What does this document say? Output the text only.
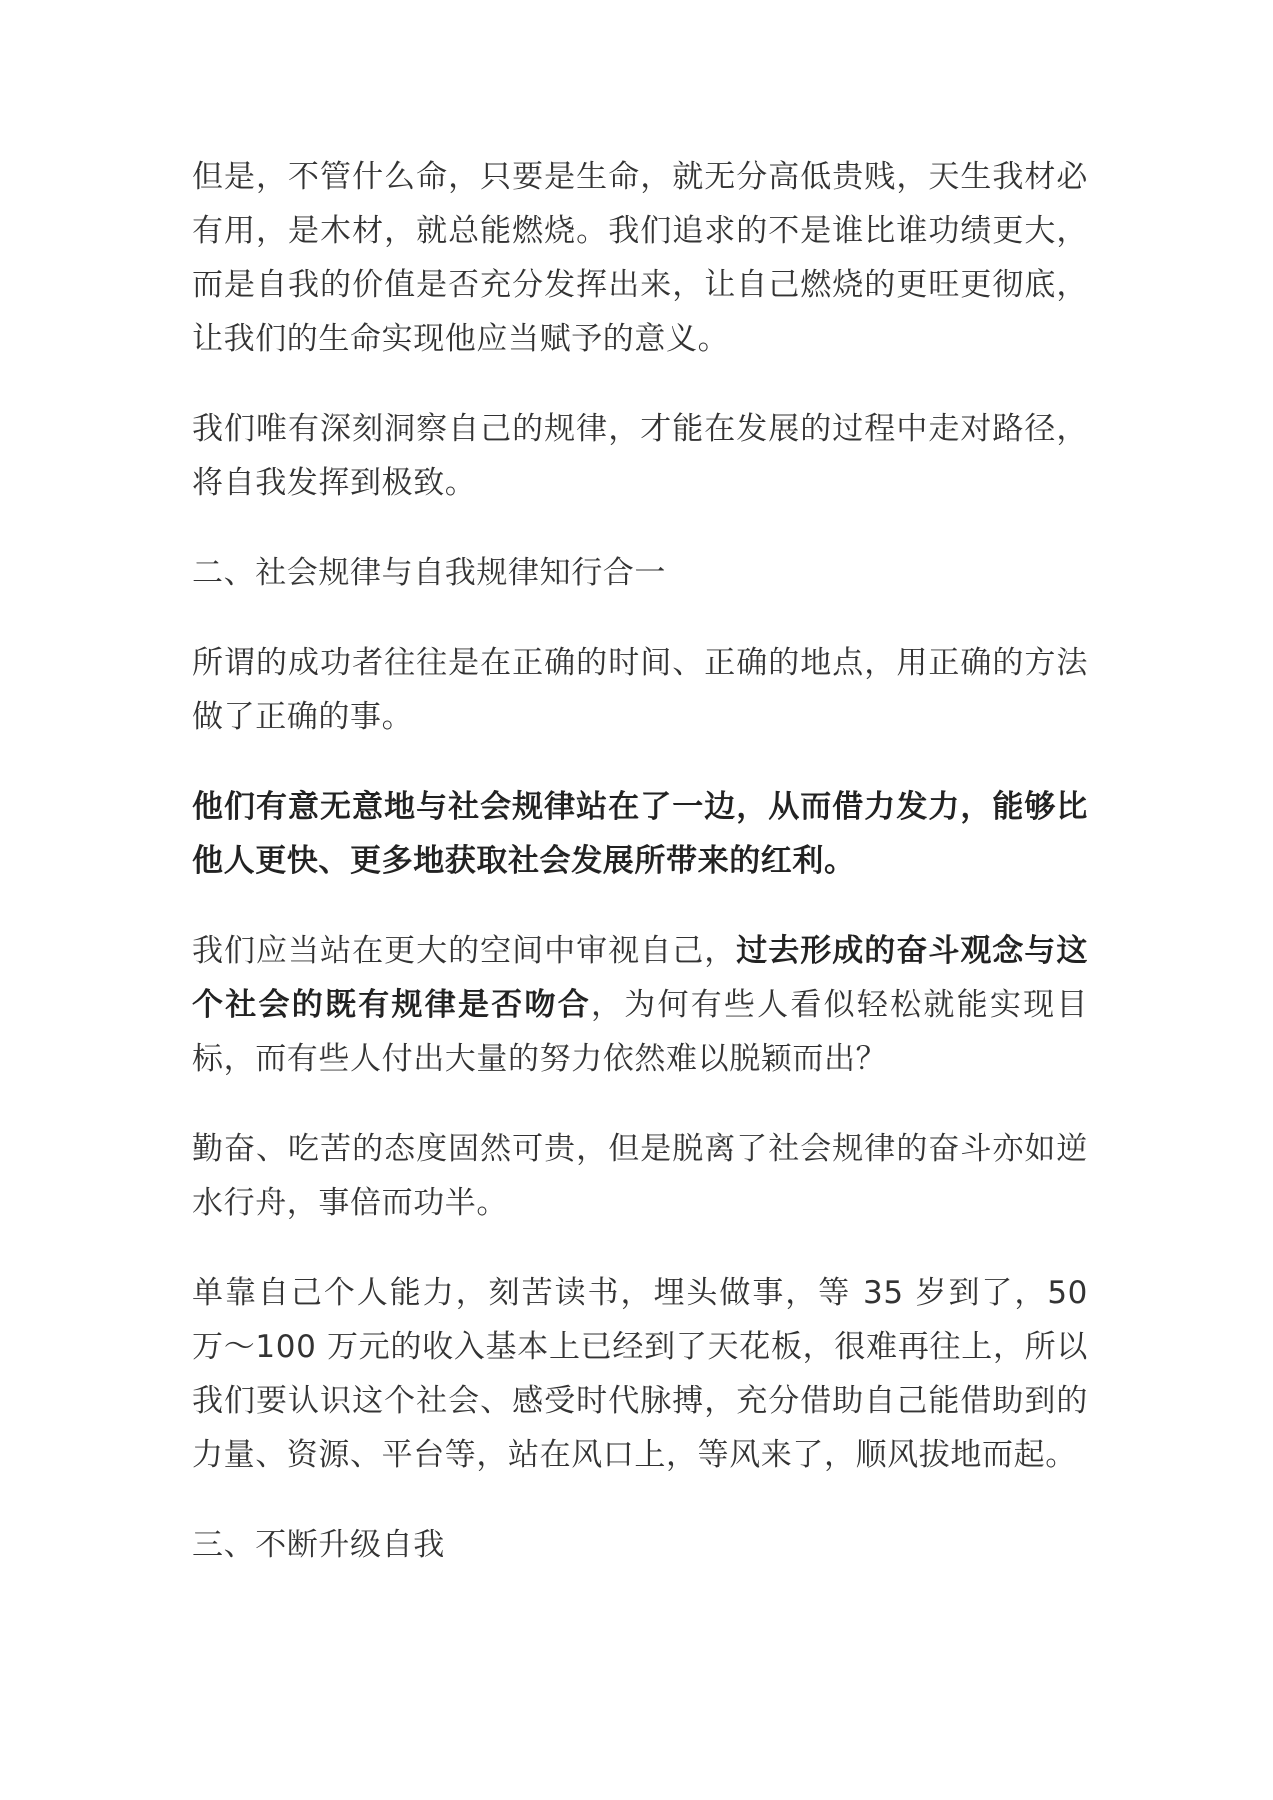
但是，不管什么命，只要是生命，就无分高低贵贱，天生我材必有用，是木材，就总能燃烧。我们追求的不是谁比谁功绩更大，而是自我的价值是否充分发挥出来，让自己燃烧的更旺更彻底，让我们的生命实现他应当赋予的意义。

我们唯有深刻洞察自己的规律，才能在发展的过程中走对路径，将自我发挥到极致。

二、社会规律与自我规律知行合一

所谓的成功者往往是在正确的时间、正确的地点，用正确的方法做了正确的事。

他们有意无意地与社会规律站在了一边，从而借力发力，能够比他人更快、更多地获取社会发展所带来的红利。

我们应当站在更大的空间中审视自己，过去形成的奋斗观念与这个社会的既有规律是否吻合，为何有些人看似轻松就能实现目标，而有些人付出大量的努力依然难以脱颖而出？

勤奋、吃苦的态度固然可贵，但是脱离了社会规律的奋斗亦如逆水行舟，事倍而功半。

单靠自己个人能力，刻苦读书，埋头做事，等 35 岁到了，50 万～100 万元的收入基本上已经到了天花板，很难再往上，所以我们要认识这个社会、感受时代脉搏，充分借助自己能借助到的力量、资源、平台等，站在风口上，等风来了，顺风拔地而起。

三、不断升级自我
